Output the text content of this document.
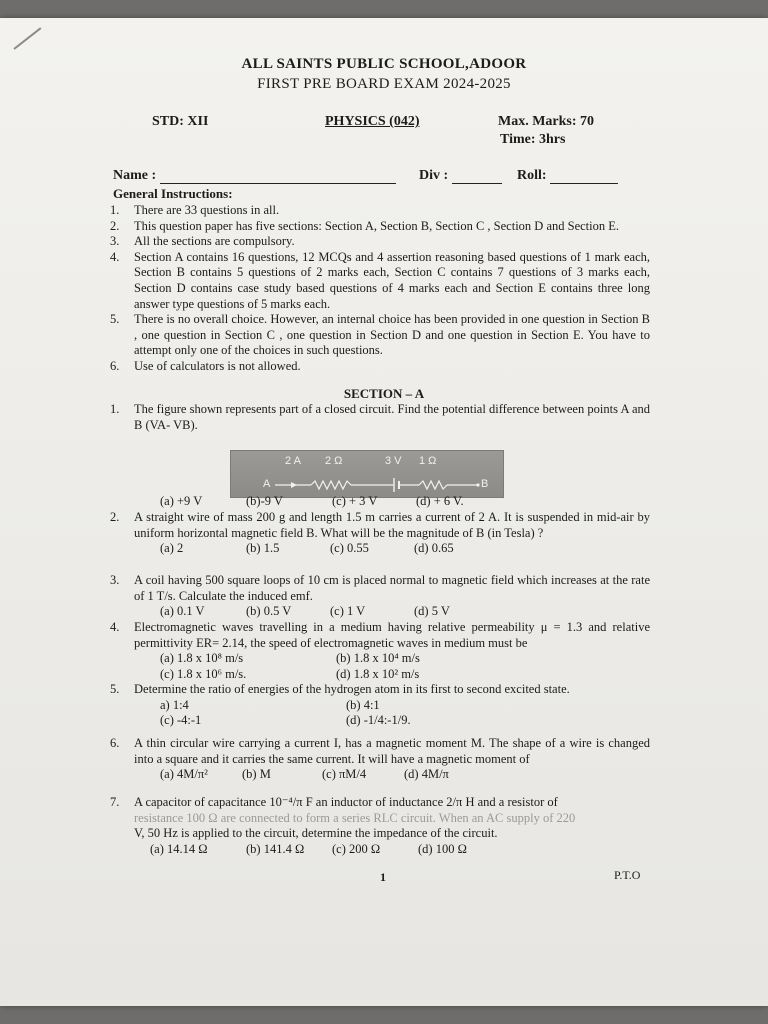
ALL SAINTS PUBLIC SCHOOL,ADOOR
FIRST PRE BOARD EXAM 2024-2025
STD: XII	PHYSICS (042)	Max. Marks: 70
Time: 3hrs
Name :	Div :	Roll:
General Instructions:
1.	There are 33 questions in all.
2.	This question paper has five sections: Section A, Section B, Section C , Section D and Section E.
3.	All the sections are compulsory.
4.	Section A contains 16 questions, 12 MCQs and 4 assertion reasoning based questions of 1 mark each, Section B contains 5 questions of 2 marks each, Section C contains 7 questions of 3 marks each, Section D contains case study based questions of 4 marks each and Section E contains three long answer type questions of 5 marks each.
5.	There is no overall choice. However, an internal choice has been provided in one question in Section B , one question in Section C , one question in Section D and one question in Section E. You have to attempt only one of the choices in such questions.
6.	Use of calculators is not allowed.
SECTION – A
1.	The figure shown represents part of a closed circuit. Find the potential difference between points A and B (VA- VB).
2 A 2 Ω	3 V 1 Ω
A	B
(a) +9 V	(b)-9 V	(c) + 3 V	(d) + 6 V.
2.	A straight wire of mass 200 g and length 1.5 m carries a current of 2 A. It is suspended in mid-air by uniform horizontal magnetic field B. What will be the magnitude of B (in Tesla) ?
(a) 2	(b) 1.5	(c) 0.55	(d) 0.65
3.	A coil having 500 square loops of 10 cm is placed normal to magnetic field which increases at the rate of 1 T/s. Calculate the induced emf.
(a) 0.1 V	(b) 0.5 V	(c) 1 V	(d) 5 V
4.	Electromagnetic waves travelling in a medium having relative permeability μ = 1.3 and relative permittivity ER= 2.14, the speed of electromagnetic waves in medium must be
(a) 1.8 x 10⁸ m/s	(b) 1.8 x 10⁴ m/s
(c) 1.8 x 10⁶ m/s.	(d) 1.8 x 10² m/s
5.	Determine the ratio of energies of the hydrogen atom in its first to second excited state.
a) 1:4	(b) 4:1
(c) -4:-1	(d) -1/4:-1/9.
6.	A thin circular wire carrying a current I, has a magnetic moment M. The shape of a wire is changed into a square and it carries the same current. It will have a magnetic moment of
(a) 4M/π²	(b) M	(c) πM/4	(d) 4M/π
7.	A capacitor of capacitance 10⁻⁴/π F an inductor of inductance 2/π H and a resistor of
resistance 100 Ω are connected to form a series RLC circuit. When an AC supply of 220
V, 50 Hz is applied to the circuit, determine the impedance of the circuit.
(a) 14.14 Ω	(b) 141.4 Ω	(c) 200 Ω	(d) 100 Ω
1	P.T.O
